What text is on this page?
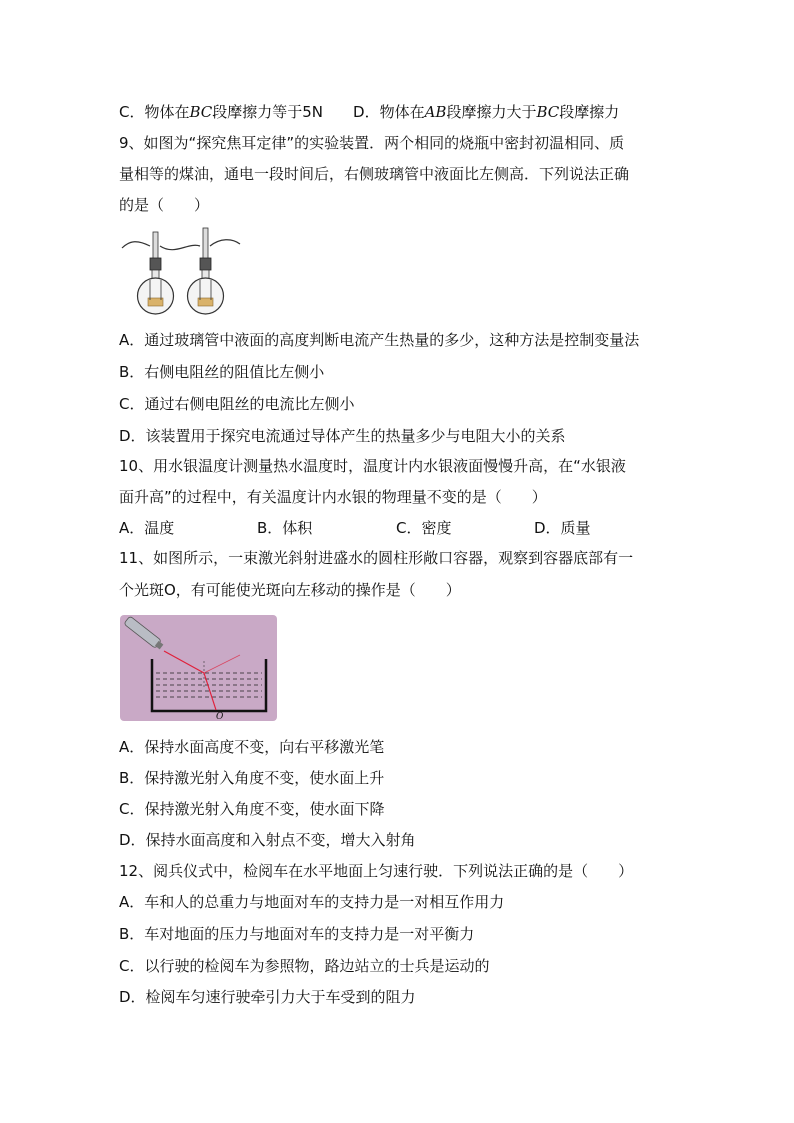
C．物体在BC段摩擦力等于5N D．物体在AB段摩擦力大于BC段摩擦力
9、如图为“探究焦耳定律”的实验装置．两个相同的烧瓶中密封初温相同、质
量相等的煤油，通电一段时间后，右侧玻璃管中液面比左侧高．下列说法正确
的是（　　）
A．通过玻璃管中液面的高度判断电流产生热量的多少，这种方法是控制变量法
B．右侧电阻丝的阻值比左侧小
C．通过右侧电阻丝的电流比左侧小
D．该装置用于探究电流通过导体产生的热量多少与电阻大小的关系
10、用水银温度计测量热水温度时，温度计内水银液面慢慢升高，在“水银液
面升高”的过程中，有关温度计内水银的物理量不变的是（　　）
A．温度	B．体积	C．密度	D．质量
11、如图所示，一束激光斜射进盛水的圆柱形敞口容器，观察到容器底部有一
个光斑O，有可能使光斑向左移动的操作是（　　）
O
A．保持水面高度不变，向右平移激光笔
B．保持激光射入角度不变，使水面上升
C．保持激光射入角度不变，使水面下降
D．保持水面高度和入射点不变，增大入射角
12、阅兵仪式中，检阅车在水平地面上匀速行驶．下列说法正确的是（　　）
A．车和人的总重力与地面对车的支持力是一对相互作用力
B．车对地面的压力与地面对车的支持力是一对平衡力
C．以行驶的检阅车为参照物，路边站立的士兵是运动的
D．检阅车匀速行驶牵引力大于车受到的阻力
